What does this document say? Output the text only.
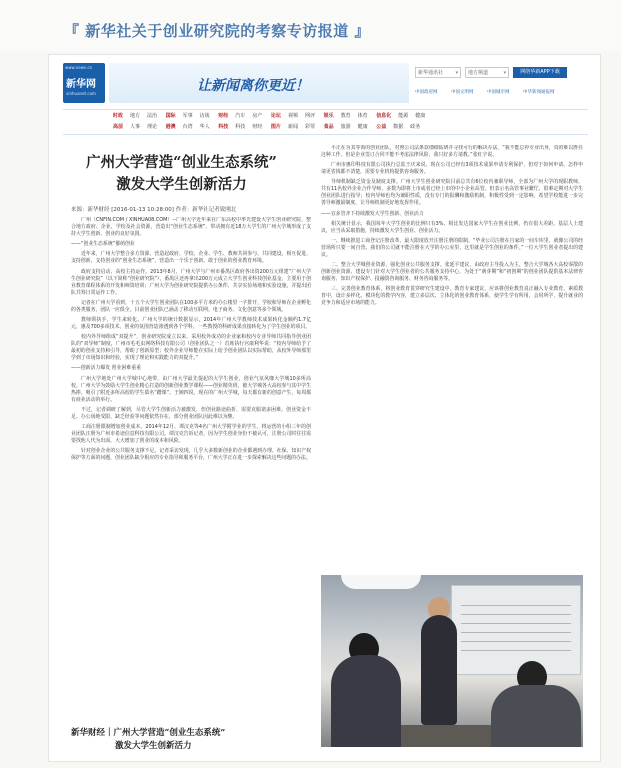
『 新华社关于创业研究院的考察专访报道 』
www.news.cn
新华网
xinhuanet.com	让新闻离你更近！
新华通讯社 ▾	地方频道	▾	网络华新APP下载
中国政府网	中国文明网	中国城市网	中华新闻通报网
时政 地方 法治 国际 军事 访谈 财经 汽车 房产 论坛 视频 网评 娱乐 教育 体育 信息化 能源 健康
高层 人事 理论 港澳 台湾 华人 科技 科技 财经 图片 新闻 彩票 食品 旅游 健康 公益 数据 政务
广州大学营造“创业生态系统”
激发大学生创新活力
来源：新华财经 [2016-01-13 10:28:00] 作者：新华社记者致刚北

广州（CNFIN.COM / XINHUA08.COM）--广州大学近年来在广东高校中率先建设大学生创业研究院，整合地方政府、企业、学校及社会资源，营造出“创业生态系统”，带动拥有近18万大学生的广州大学城形成了支持大学生创新、创业的良好氛围。

——“创业生态系统”催萌创业

近年来，广州大学整合多方资源，营造起政府、学校、企业、学生、教师共同参与、共同建设、相互促进、支持创新、支持创业的“创业生态系统”，营造出一个乐于创新、敢于创业的创业教育环境。

政府支持启动，高校主持运作。2013年8月，广州大学与广州市番禺区政府各出资200万元组建“广州大学生创业研究院”（以下简称“创业研究院”），番禺区还再拿出200万元成立大学生创业科技创业基金，主要用于创业教育课程体系的开发和师资培训；广州大学为创业研究院提供办公条件，共享实验场地和实验设施，并提出团队共筹日常运作工作。

记者在广州大学看到，十五个大学生创业团队在100多平方米的办公楼里一字排开，学校和导师在企业孵化的各类服务，团队一应俱全。目前创业团队已涵盖了移动互联网、电子商务、文化创意等多个领域。

教师领执手，学生来转化。广州大学的统计数据显示，2014年广州大学教师技术成果转化金额约1.7亿元，惠及700多项技术，创业的氛围营造渗透到各个学科，一些教授的科研成果直接转化为了学生创业的项目。

校内外导师组成“双提升”，创业研究院成立以来，采用校外成功的企业家和校内专业导师共同指导创业团队的“双导师”制度，广州市毛毛虫网络科技有限公司（创业团队之一）首席执行官康利华说：“校内导师给予了最初的创业支持和引导，帮助了创新原型；校外企业导师能在实际上给予创业团队以实际帮助，从校外导师那里学到了市场知识和经验，实现了理论和实践能力的双提升。”

——创新活力爆发 创业困难重重

广州大学地处广州大学城中心地带，由广州大学最先提起的大学生创业，创业气氛风靡大学城10多所高校。广州大学为鼓励大学生创业精心打造的创新创业教学课程——创业精英班，被大学城各大高校参与其中学生热捧，吸引了附近多所高校的学生慕名“蹭课”。王婉四说，现在的广州大学城，每天都有新的创意产生，每周都有商业活动的举行。

不过，记者调研了解到，尽管大学生创新活力被激发，但创业路途曲折，需要克服诸多困难。创业资金不足、办公场地受限、缺乏经验等问题依然存在，部分创业团队因此难以为继。

工商注册限制增加创业成本。2014年12月，谭汉克等4名广州大学附学业的学生，将运营的小组三年的创业团队注册为广州市希途信息科技有限公司。谭汉克告诉记者，因为学生创业身份不被认可，注册公司时往往需要找他人代为出面，大大增加了创业的成本和风险。

针对创业企业的公共服务支撑不足。记者采访发现，几乎大多数新创业的企业都遇到办理、社保、知识产权保护等方面的问题，创业团队缺少相应的专业指导和服务平台，广州大学正在进一步探索解决这些问题的办法。

平正在为其等领的创业团队，对照公司法条款细细钻研并寻找可行的解决办法，“我不能总停专业出身，真的难以胜任这种工作。但是企业签订合同不能不考虑法律风险，我只好多方请教。”张红宇说。

广州市惠印科技有限公司执行总监王庆来说，现在公司已经有3项技术成果申请专利保护，但对于如何申请、怎样申请更省钱都不清楚，需要专业机构提供咨询服务。

导师机制缺乏资金及制度支撑。广州大学生创业研究院目前总共有6位校内兼职导师，全部为广州大学的现职教师，共有11名校外企业合作导师，多数为即将上市或者已经上市的中小企业高管。但表示名高管事业繁忙，很难定期对大学生创业团队进行指导；校内导师也均为兼职性质，没有专门的报酬和激励机制，积极性受到一定影响，希望学校能进一步完善导师激励制度，让导师机制更好地发挥作用。

——宜多管齐下持续激发大学生创新、创业活力

相关统计显示，我国每年大学生创业的比例只有3%，相比发达国家大学生在创业比例，仍有很大差距。基层人士建议，应当从采取措施，持续激发大学生创业、创业活力。

一、继续推进工商登记注册改革，最大限度放开注册注册的限制。“毕业公司注册在自家的一间车库里，就像公司的经营场所只要一间自营。我们的公司就不能注册在大学的办公室里，这里就是学生创业的条件。”一位大学生创业者提出的建议。

二、整合大学城创业资源，强化创业公共服务支撑。张延平建议，由政府主导投入为主，整合大学城各大高校零散的创新创业资源，建设专门针对大学生创业者的公共服务支持中心，为处于“萌芽期”和“初创期”的创业团队提供基本法律咨询服务、知识产权保护、投融资咨询服务、财务咨询服务等。

三、完善创业教育体系，将创业教育贯穿研究生建设中。教育专家建议，应该将创业教育真正融入专业教育，素质教育中，设计多样化、模块化的教学内容，建立多层次、立体化的创业教育体系，使学生学有所用，会用所学，提升就业的竞争力和适应市场的能力。

新华财经｜广州大学营造“创业生态系统”
激发大学生创新活力
